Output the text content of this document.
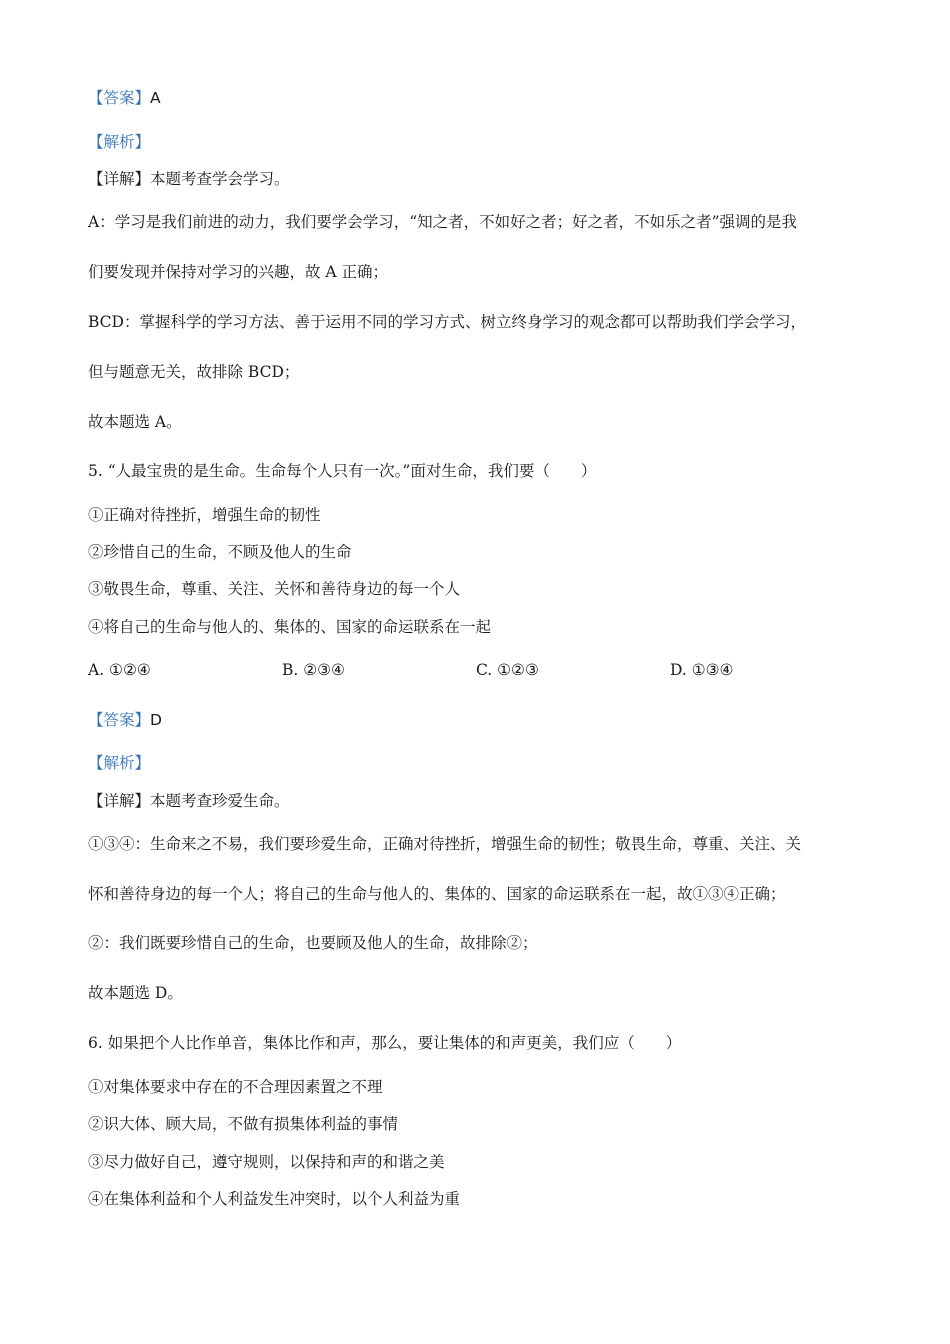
【答案】A
【解析】
【详解】本题考查学会学习。
A：学习是我们前进的动力，我们要学会学习，“知之者，不如好之者；好之者，不如乐之者”强调的是我
们要发现并保持对学习的兴趣，故 A 正确；
BCD：掌握科学的学习方法、善于运用不同的学习方式、树立终身学习的观念都可以帮助我们学会学习，
但与题意无关，故排除 BCD；
故本题选 A。
5. “人最宝贵的是生命。生命每个人只有一次。”面对生命，我们要（　　）
①正确对待挫折，增强生命的韧性
②珍惜自己的生命，不顾及他人的生命
③敬畏生命，尊重、关注、关怀和善待身边的每一个人
④将自己的生命与他人的、集体的、国家的命运联系在一起
A. ①②④	B. ②③④	C. ①②③	D. ①③④
【答案】D
【解析】
【详解】本题考查珍爱生命。
①③④：生命来之不易，我们要珍爱生命，正确对待挫折，增强生命的韧性；敬畏生命，尊重、关注、关
怀和善待身边的每一个人；将自己的生命与他人的、集体的、国家的命运联系在一起，故①③④正确；
②：我们既要珍惜自己的生命，也要顾及他人的生命，故排除②；
故本题选 D。
6. 如果把个人比作单音，集体比作和声，那么，要让集体的和声更美，我们应（　　）
①对集体要求中存在的不合理因素置之不理
②识大体、顾大局，不做有损集体利益的事情
③尽力做好自己，遵守规则，以保持和声的和谐之美
④在集体利益和个人利益发生冲突时，以个人利益为重
